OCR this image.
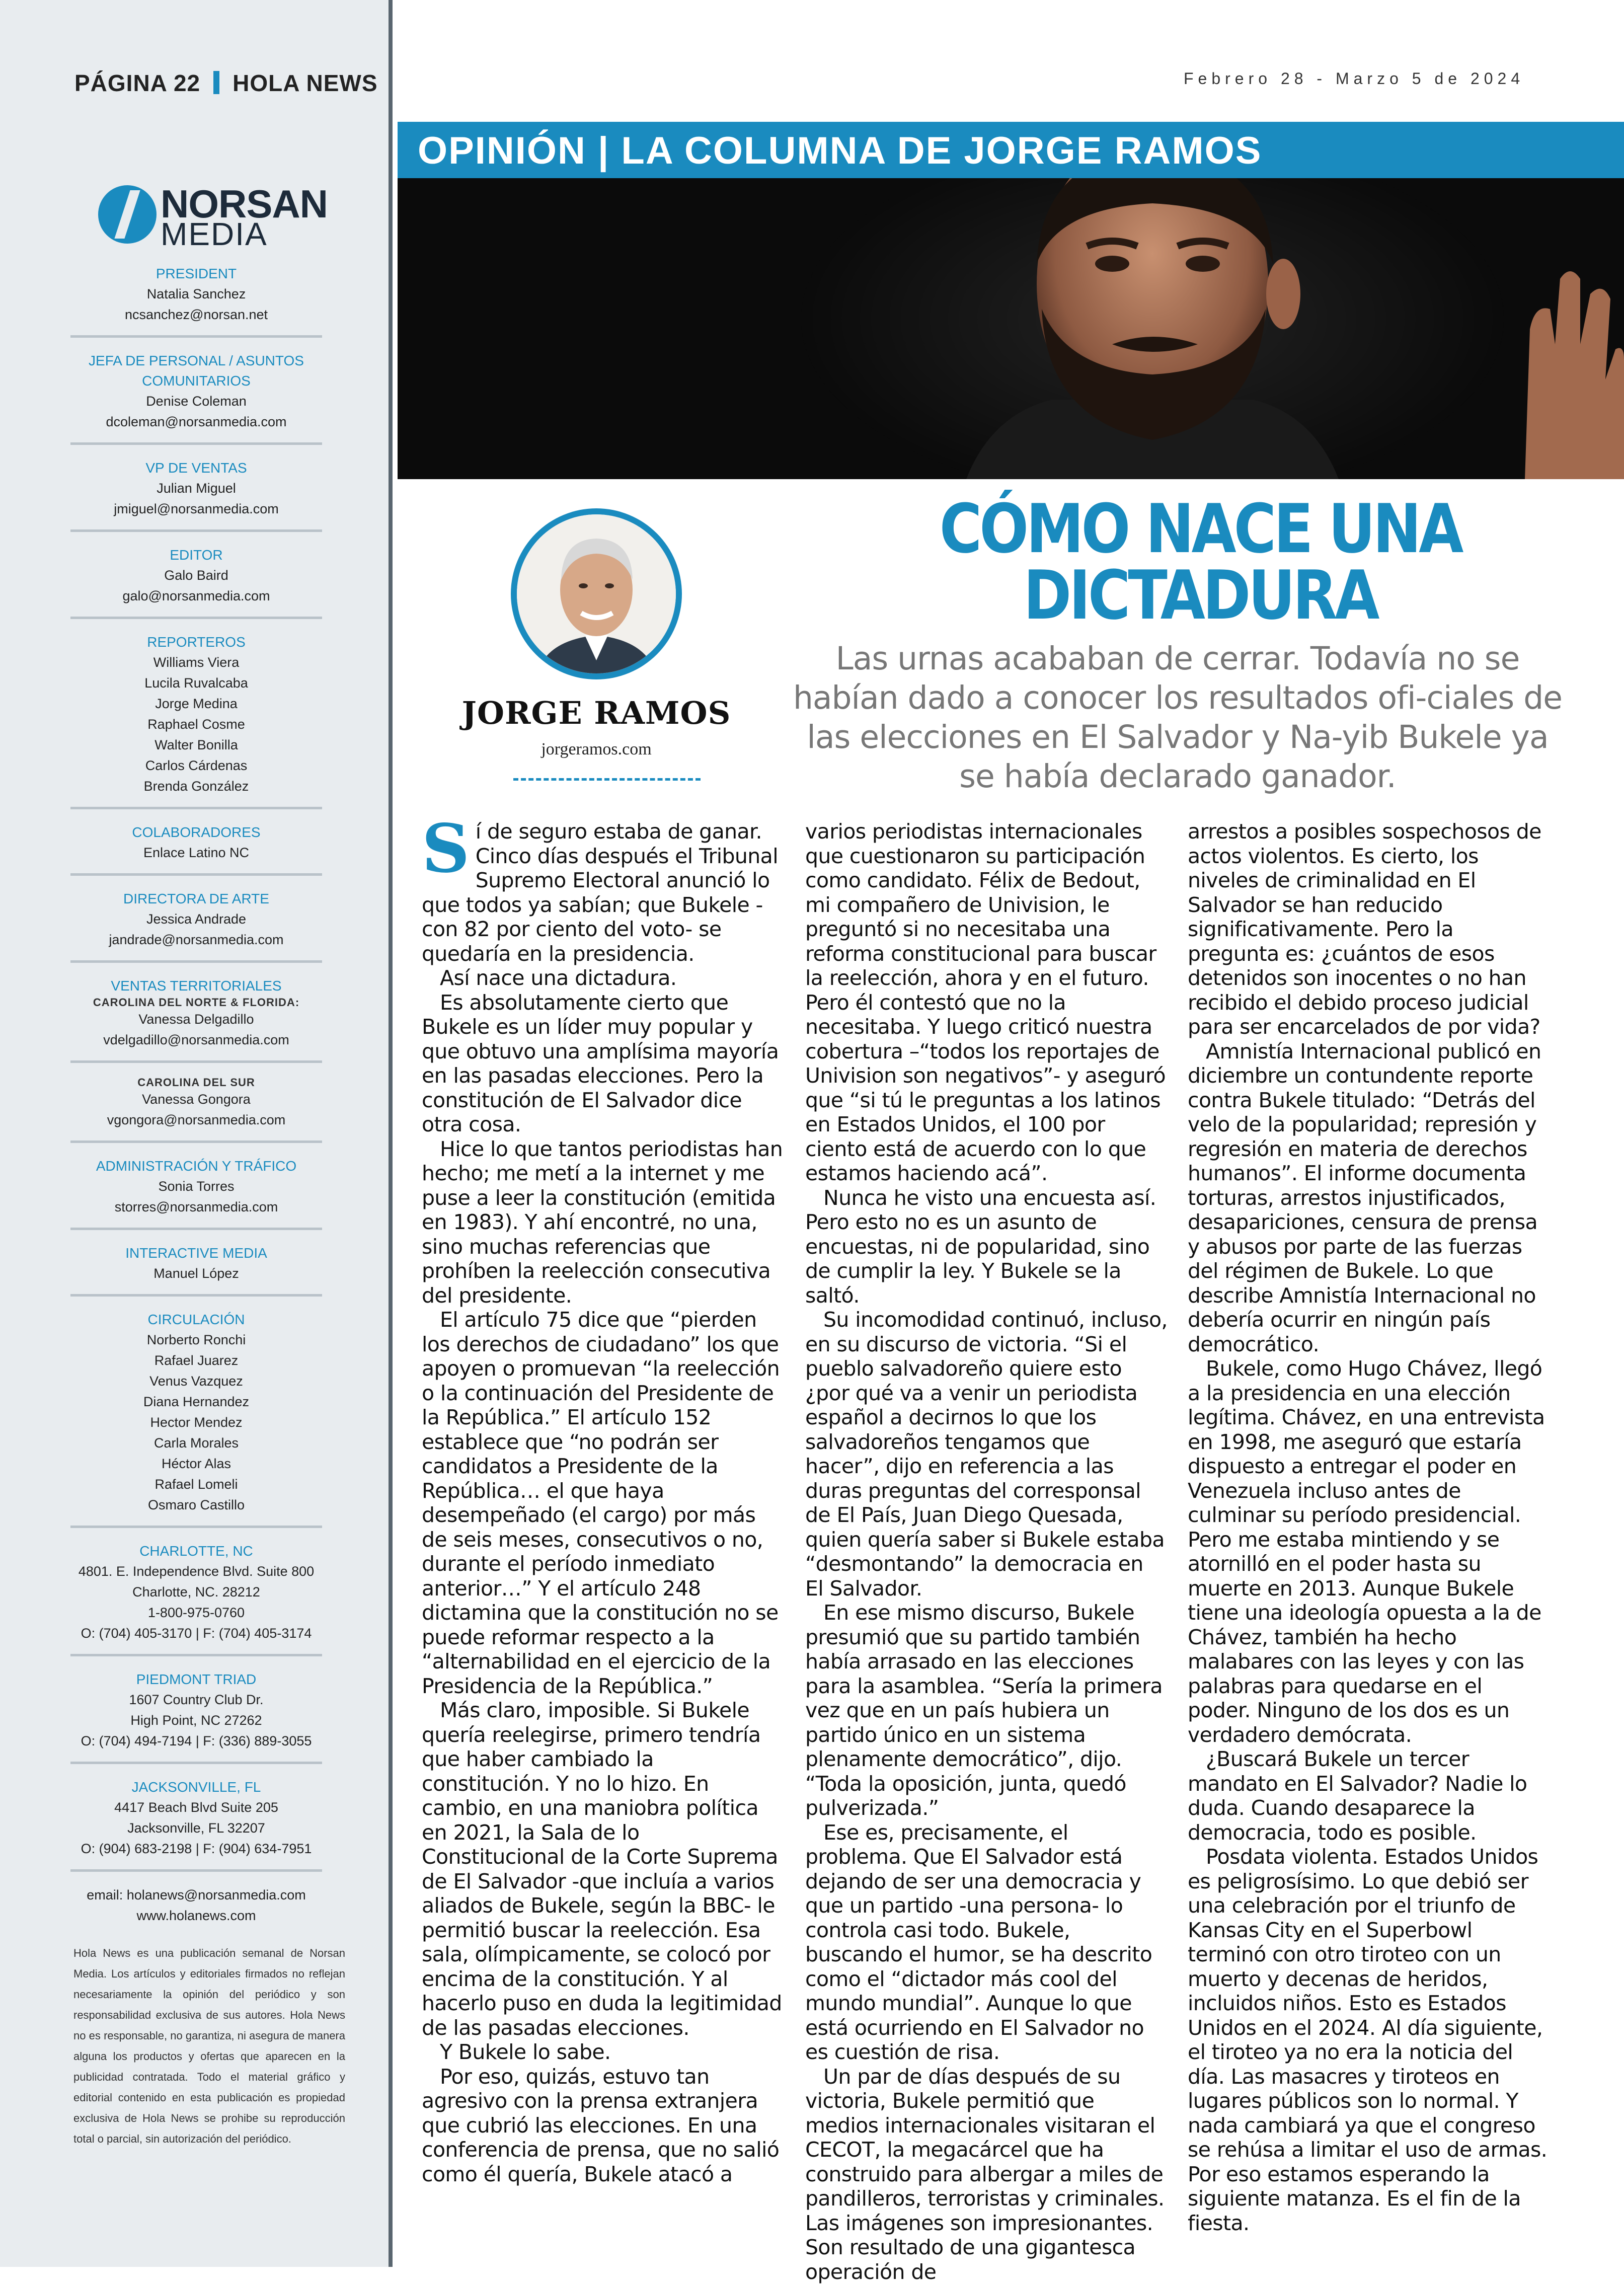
PÁGINA 22 HOLA NEWS
NORSAN
MEDIA
PRESIDENT
Natalia Sanchez
ncsanchez@norsan.net
JEFA DE PERSONAL / ASUNTOS COMUNITARIOS
Denise Coleman
dcoleman@norsanmedia.com
VP DE VENTAS
Julian Miguel
jmiguel@norsanmedia.com
EDITOR
Galo Baird
galo@norsanmedia.com
REPORTEROS
Williams Viera
Lucila Ruvalcaba
Jorge Medina
Raphael Cosme
Walter Bonilla
Carlos Cárdenas
Brenda González
COLABORADORES
Enlace Latino NC
DIRECTORA DE ARTE
Jessica Andrade
jandrade@norsanmedia.com
VENTAS TERRITORIALES
CAROLINA DEL NORTE & FLORIDA:
Vanessa Delgadillo
vdelgadillo@norsanmedia.com
CAROLINA DEL SUR
Vanessa Gongora
vgongora@norsanmedia.com
ADMINISTRACIÓN Y TRÁFICO
Sonia Torres
storres@norsanmedia.com
INTERACTIVE MEDIA
Manuel López
CIRCULACIÓN
Norberto Ronchi
Rafael Juarez
Venus Vazquez
Diana Hernandez
Hector Mendez
Carla Morales
Héctor Alas
Rafael Lomeli
Osmaro Castillo
CHARLOTTE, NC
4801. E. Independence Blvd. Suite 800
Charlotte, NC. 28212
1-800-975-0760
O: (704) 405-3170 | F: (704) 405-3174
PIEDMONT TRIAD
1607 Country Club Dr.
High Point, NC 27262
O: (704) 494-7194 | F: (336) 889-3055
JACKSONVILLE, FL
4417 Beach Blvd Suite 205
Jacksonville, FL 32207
O: (904) 683-2198 | F: (904) 634-7951
email: holanews@norsanmedia.com
www.holanews.com
Hola News es una publicación semanal de Norsan Media. Los artículos y editoriales firmados no reflejan necesariamente la opinión del periódico y son responsabilidad exclusiva de sus autores. Hola News no es responsable, no garantiza, ni asegura de manera alguna los productos y ofertas que aparecen en la publicidad contratada. Todo el material gráfico y editorial contenido en esta publicación es propiedad exclusiva de Hola News se prohibe su reproducción total o parcial, sin autorización del periódico.
Febrero 28 - Marzo 5 de 2024
OPINIÓN | LA COLUMNA DE JORGE RAMOS
JORGE RAMOS
jorgeramos.com
CÓMO NACE UNA DICTADURA
Las urnas acababan de cerrar. Todavía no se habían dado a conocer los resultados ofi-ciales de las elecciones en El Salvador y Na-yib Bukele ya se había declarado ganador.

Sí de seguro estaba de ganar. Cinco días después el Tribunal Supremo Electoral anunció lo que todos ya sabían; que Bukele -con 82 por ciento del voto- se quedaría en la presidencia.

Así nace una dictadura.

Es absolutamente cierto que Bukele es un líder muy popular y que obtuvo una amplísima mayoría en las pasadas elecciones. Pero la constitución de El Salvador dice otra cosa.

Hice lo que tantos periodistas han hecho; me metí a la internet y me puse a leer la constitución (emitida en 1983). Y ahí encontré, no una, sino muchas referencias que prohíben la reelección consecutiva del presidente.

El artículo 75 dice que “pierden los derechos de ciudadano” los que apoyen o promuevan “la reelección o la continuación del Presidente de la República.” El artículo 152 establece que “no podrán ser candidatos a Presidente de la República… el que haya desempeñado (el cargo) por más de seis meses, consecutivos o no, durante el período inmediato anterior…” Y el artículo 248 dictamina que la constitución no se puede reformar respecto a la “alternabilidad en el ejercicio de la Presidencia de la República.”

Más claro, imposible. Si Bukele quería reelegirse, primero tendría que haber cambiado la constitución. Y no lo hizo. En cambio, en una maniobra política en 2021, la Sala de lo Constitucional de la Corte Suprema de El Salvador -que incluía a varios aliados de Bukele, según la BBC- le permitió buscar la reelección. Esa sala, olímpicamente, se colocó por encima de la constitución. Y al hacerlo puso en duda la legitimidad de las pasadas elecciones.

Y Bukele lo sabe.

Por eso, quizás, estuvo tan agresivo con la prensa extranjera que cubrió las elecciones. En una conferencia de prensa, que no salió como él quería, Bukele atacó a

varios periodistas internacionales que cuestionaron su participación como candidato. Félix de Bedout, mi compañero de Univision, le preguntó si no necesitaba una reforma constitucional para buscar la reelección, ahora y en el futuro. Pero él contestó que no la necesitaba. Y luego criticó nuestra cobertura –“todos los reportajes de Univision son negativos”- y aseguró que “si tú le preguntas a los latinos en Estados Unidos, el 100 por ciento está de acuerdo con lo que estamos haciendo acá”.

Nunca he visto una encuesta así. Pero esto no es un asunto de encuestas, ni de popularidad, sino de cumplir la ley. Y Bukele se la saltó.

Su incomodidad continuó, incluso, en su discurso de victoria. “Si el pueblo salvadoreño quiere esto ¿por qué va a venir un periodista español a decirnos lo que los salvadoreños tengamos que hacer”, dijo en referencia a las duras preguntas del corresponsal de El País, Juan Diego Quesada, quien quería saber si Bukele estaba “desmontando” la democracia en El Salvador.

En ese mismo discurso, Bukele presumió que su partido también había arrasado en las elecciones para la asamblea. “Sería la primera vez que en un país hubiera un partido único en un sistema plenamente democrático”, dijo. “Toda la oposición, junta, quedó pulverizada.”

Ese es, precisamente, el problema. Que El Salvador está dejando de ser una democracia y que un partido -una persona- lo controla casi todo. Bukele, buscando el humor, se ha descrito como el “dictador más cool del mundo mundial”. Aunque lo que está ocurriendo en El Salvador no es cuestión de risa.

Un par de días después de su victoria, Bukele permitió que medios internacionales visitaran el CECOT, la megacárcel que ha construido para albergar a miles de pandilleros, terroristas y criminales. Las imágenes son impresionantes. Son resultado de una gigantesca operación de

arrestos a posibles sospechosos de actos violentos. Es cierto, los niveles de criminalidad en El Salvador se han reducido significativamente. Pero la pregunta es: ¿cuántos de esos detenidos son inocentes o no han recibido el debido proceso judicial para ser encarcelados de por vida?

Amnistía Internacional publicó en diciembre un contundente reporte contra Bukele titulado: “Detrás del velo de la popularidad; represión y regresión en materia de derechos humanos”. El informe documenta torturas, arrestos injustificados, desapariciones, censura de prensa y abusos por parte de las fuerzas del régimen de Bukele. Lo que describe Amnistía Internacional no debería ocurrir en ningún país democrático.

Bukele, como Hugo Chávez, llegó a la presidencia en una elección legítima. Chávez, en una entrevista en 1998, me aseguró que estaría dispuesto a entregar el poder en Venezuela incluso antes de culminar su período presidencial. Pero me estaba mintiendo y se atornilló en el poder hasta su muerte en 2013. Aunque Bukele tiene una ideología opuesta a la de Chávez, también ha hecho malabares con las leyes y con las palabras para quedarse en el poder. Ninguno de los dos es un verdadero demócrata.

¿Buscará Bukele un tercer mandato en El Salvador? Nadie lo duda. Cuando desaparece la democracia, todo es posible.

Posdata violenta. Estados Unidos es peligrosísimo. Lo que debió ser una celebración por el triunfo de Kansas City en el Superbowl terminó con otro tiroteo con un muerto y decenas de heridos, incluidos niños. Esto es Estados Unidos en el 2024. Al día siguiente, el tiroteo ya no era la noticia del día. Las masacres y tiroteos en lugares públicos son lo normal. Y nada cambiará ya que el congreso se rehúsa a limitar el uso de armas. Por eso estamos esperando la siguiente matanza. Es el fin de la fiesta.
